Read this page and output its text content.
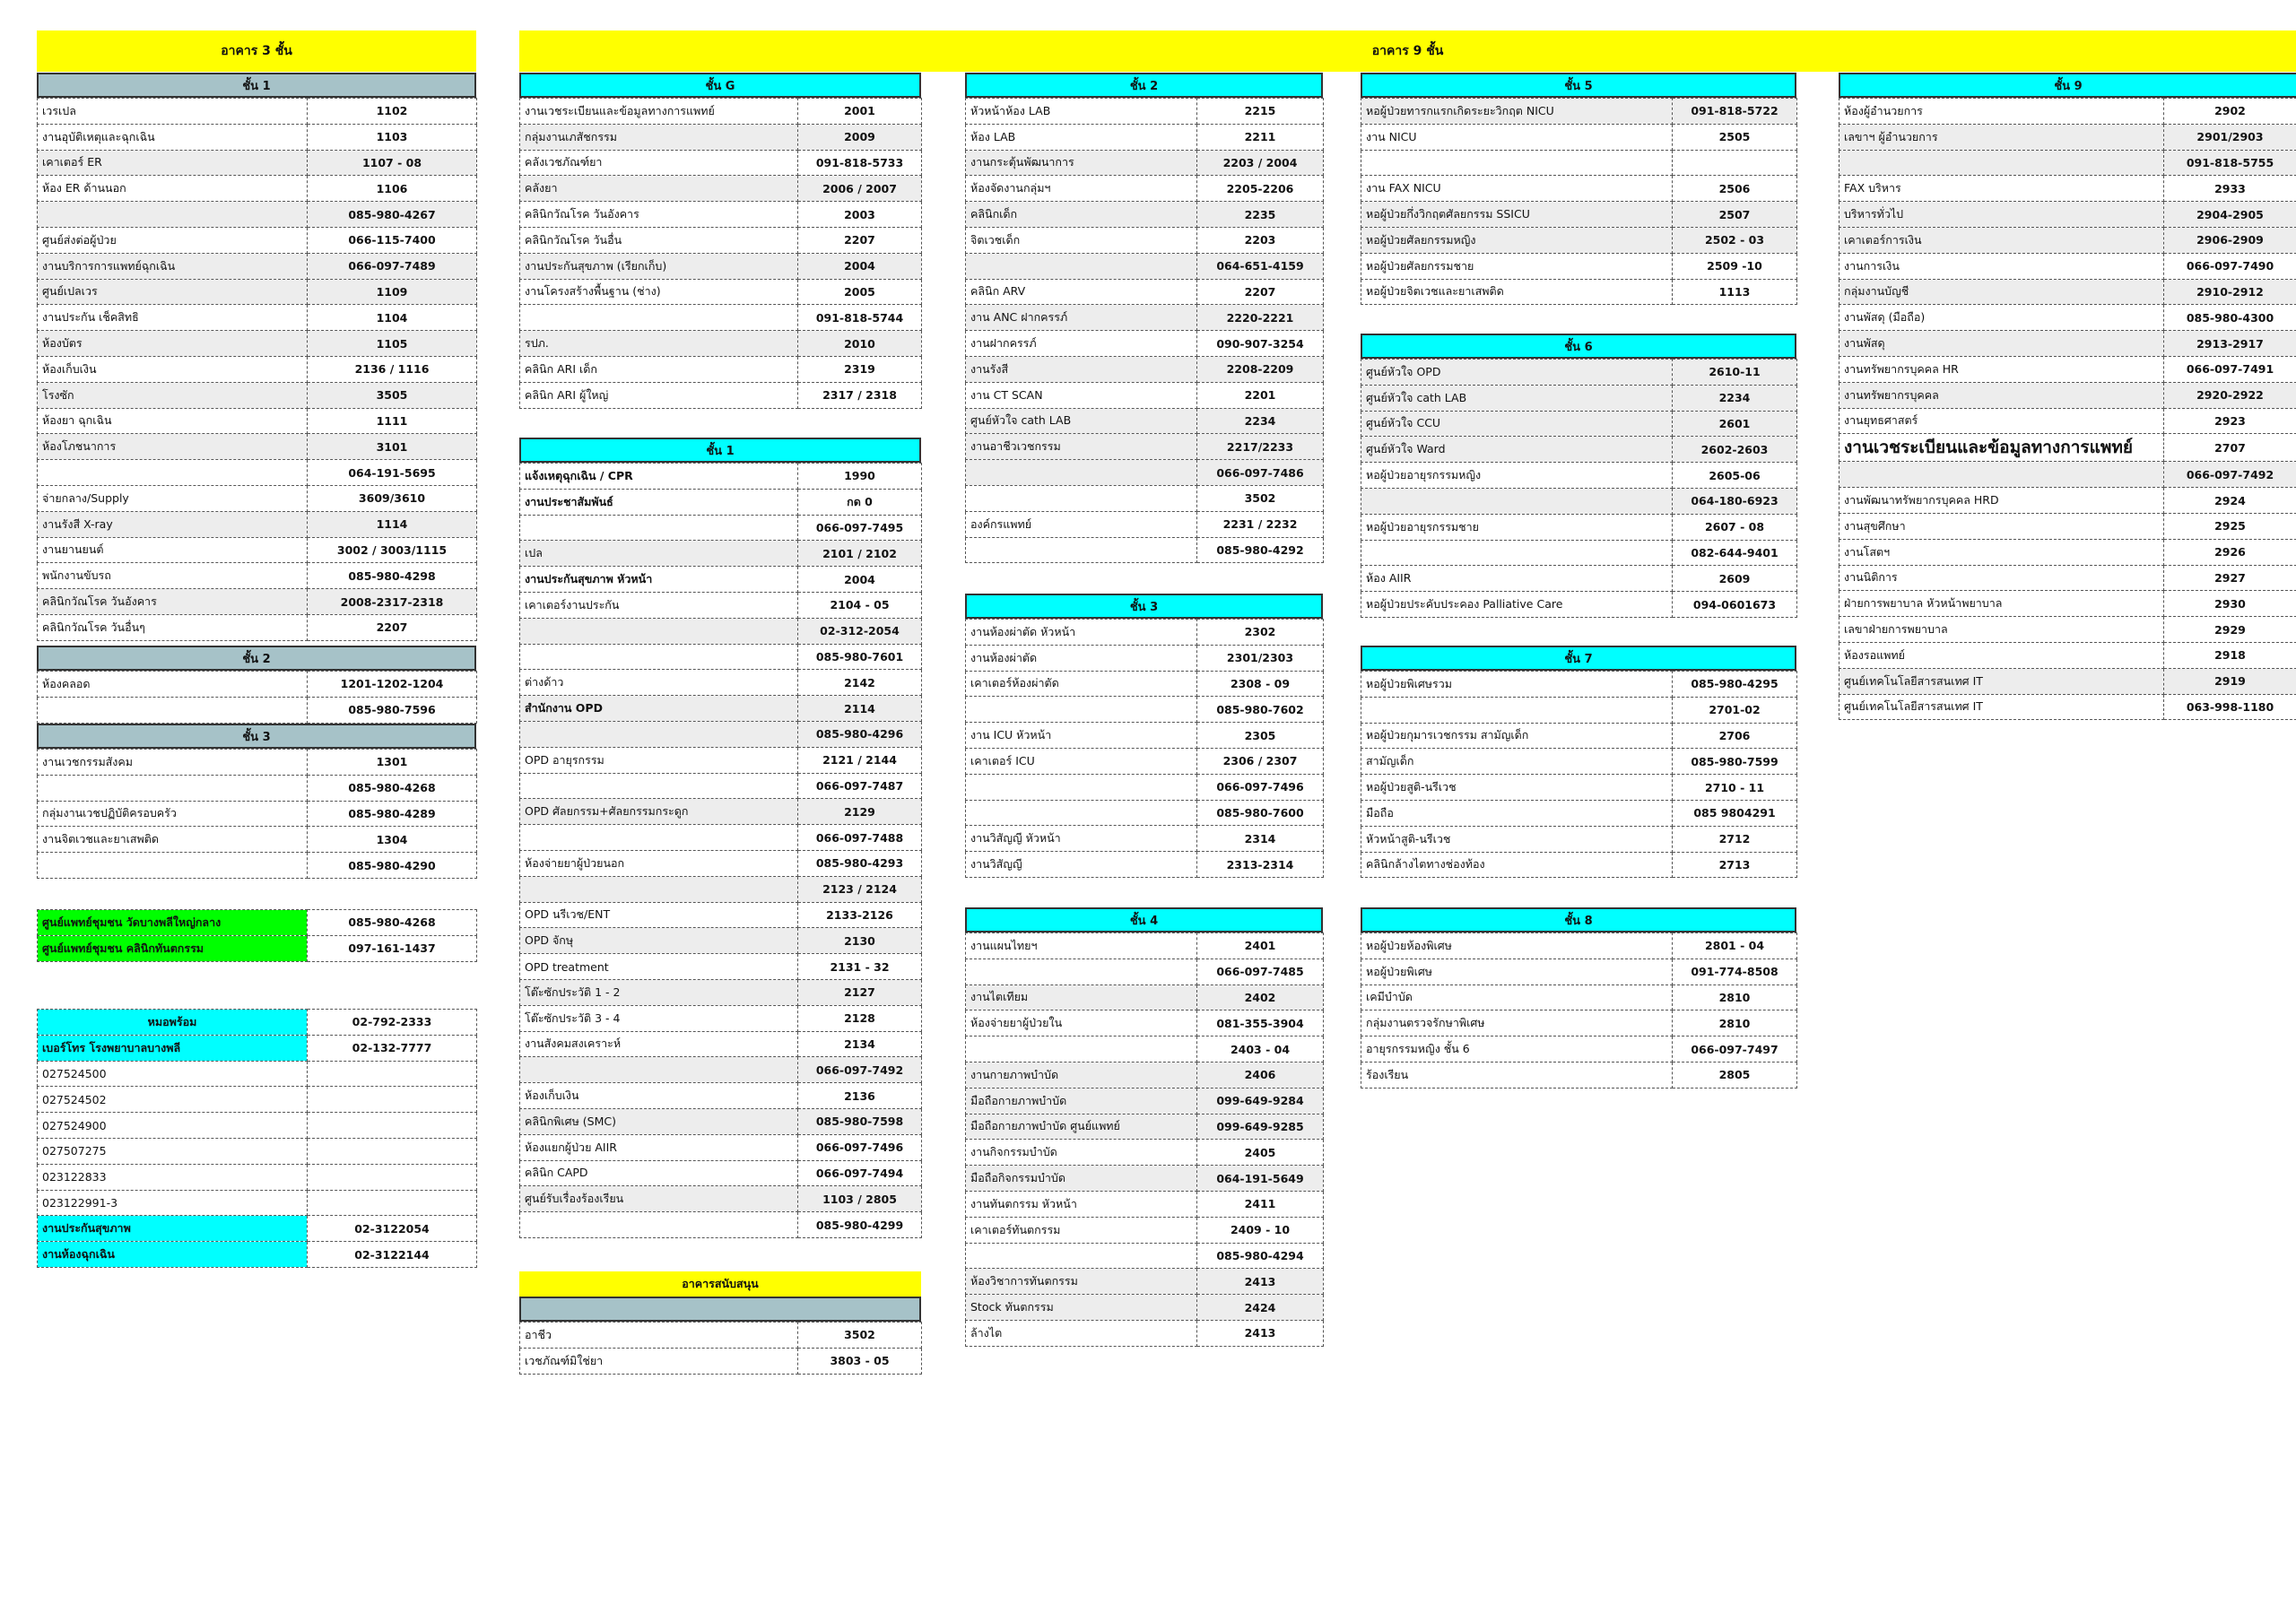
อาคาร 3 ชั้น	อาคาร 9 ชั้น
ชั้น 1
เวรเปล	1102
งานอุบัติเหตุและฉุกเฉิน	1103
เคาเตอร์ ER	1107 - 08
ห้อง ER ด้านนอก	1106
	085-980-4267
ศูนย์ส่งต่อผู้ป่วย	066-115-7400
งานบริการการแพทย์ฉุกเฉิน	066-097-7489
ศูนย์เปลเวร	1109
งานประกัน เช็คสิทธิ	1104
ห้องบัตร	1105
ห้องเก็บเงิน	2136 / 1116
โรงซัก	3505
ห้องยา ฉุกเฉิน	1111
ห้องโภชนาการ	3101
	064-191-5695
จ่ายกลาง/Supply	3609/3610
งานรังสี X-ray	1114
งานยานยนต์	3002 / 3003/1115
พนักงานขับรถ	085-980-4298
คลินิกวัณโรค วันอังคาร	2008-2317-2318
คลินิกวัณโรค วันอื่นๆ	2207
ชั้น 2
ห้องคลอด	1201-1202-1204
	085-980-7596
ชั้น 3
งานเวชกรรมสังคม	1301
	085-980-4268
กลุ่มงานเวชปฏิบัติครอบครัว	085-980-4289
งานจิตเวชและยาเสพติด	1304
	085-980-4290
ศูนย์แพทย์ชุมชน วัดบางพลีใหญ่กลาง	085-980-4268
ศูนย์แพทย์ชุมชน คลินิกทันตกรรม	097-161-1437
หมอพร้อม	02-792-2333
เบอร์โทร โรงพยาบาลบางพลี	02-132-7777
027524500	
027524502	
027524900	
027507275	
023122833	
023122991-3	
งานประกันสุขภาพ	02-3122054
งานห้องฉุกเฉิน	02-3122144
ชั้น G
งานเวชระเบียนและข้อมูลทางการแพทย์	2001
กลุ่มงานเภสัชกรรม	2009
คลังเวชภัณฑ์ยา	091-818-5733
คลังยา	2006 / 2007
คลินิกวัณโรค วันอังคาร	2003
คลินิกวัณโรค วันอื่น	2207
งานประกันสุขภาพ (เรียกเก็บ)	2004
งานโครงสร้างพื้นฐาน (ช่าง)	2005
	091-818-5744
รปภ.	2010
คลินิก ARI เด็ก	2319
คลินิก ARI ผู้ใหญ่	2317 / 2318
ชั้น 1
แจ้งเหตุฉุกเฉิน / CPR	1990
งานประชาสัมพันธ์	กด 0
	066-097-7495
เปล	2101 / 2102
งานประกันสุขภาพ หัวหน้า	2004
เคาเตอร์งานประกัน	2104 - 05
	02-312-2054
	085-980-7601
ต่างด้าว	2142
สำนักงาน OPD	2114
	085-980-4296
OPD อายุรกรรม	2121 / 2144
	066-097-7487
OPD ศัลยกรรม+ศัลยกรรมกระดูก	2129
	066-097-7488
ห้องจ่ายยาผู้ป่วยนอก	085-980-4293
	2123 / 2124
OPD นรีเวช/ENT	2133-2126
OPD จักษุ	2130
OPD treatment	2131 - 32
โต๊ะซักประวัติ 1 - 2	2127
โต๊ะซักประวัติ 3 - 4	2128
งานสังคมสงเคราะห์	2134
	066-097-7492
ห้องเก็บเงิน	2136
คลินิกพิเศษ (SMC)	085-980-7598
ห้องแยกผู้ป่วย AIIR	066-097-7496
คลินิก CAPD	066-097-7494
ศูนย์รับเรื่องร้องเรียน	1103 / 2805
	085-980-4299
อาคารสนับสนุน
อาชีว	3502
เวชภัณฑ์มิใช่ยา	3803 - 05
ชั้น 2
หัวหน้าห้อง LAB	2215
ห้อง LAB	2211
งานกระตุ้นพัฒนาการ	2203 / 2004
ห้องจัดงานกลุ่มฯ	2205-2206
คลินิกเด็ก	2235
จิตเวชเด็ก	2203
	064-651-4159
คลินิก ARV	2207
งาน ANC ฝากครรภ์	2220-2221
งานฝากครรภ์	090-907-3254
งานรังสี	2208-2209
งาน CT SCAN	2201
ศูนย์หัวใจ cath LAB	2234
งานอาชีวเวชกรรม	2217/2233
	066-097-7486
	3502
องค์กรแพทย์	2231 / 2232
	085-980-4292
ชั้น 3
งานห้องผ่าตัด หัวหน้า	2302
งานห้องผ่าตัด	2301/2303
เคาเตอร์ห้องผ่าตัด	2308 - 09
	085-980-7602
งาน ICU หัวหน้า	2305
เคาเตอร์ ICU	2306 / 2307
	066-097-7496
	085-980-7600
งานวิสัญญี หัวหน้า	2314
งานวิสัญญี	2313-2314
ชั้น 4
งานแผนไทยฯ	2401
	066-097-7485
งานไตเทียม	2402
ห้องจ่ายยาผู้ป่วยใน	081-355-3904
	2403 - 04
งานกายภาพบำบัด	2406
มือถือกายภาพบำบัด	099-649-9284
มือถือกายภาพบำบัด ศูนย์แพทย์	099-649-9285
งานกิจกรรมบำบัด	2405
มือถือกิจกรรมบำบัด	064-191-5649
งานทันตกรรม หัวหน้า	2411
เคาเตอร์ทันตกรรม	2409 - 10
	085-980-4294
ห้องวิชาการทันตกรรม	2413
Stock ทันตกรรม	2424
ล้างไต	2413
ชั้น 5
หอผู้ป่วยทารกแรกเกิดระยะวิกฤต NICU	091-818-5722
งาน NICU	2505

งาน FAX NICU	2506
หอผู้ป่วยกึ่งวิกฤตศัลยกรรม SSICU	2507
หอผู้ป่วยศัลยกรรมหญิง	2502 - 03
หอผู้ป่วยศัลยกรรมชาย	2509 -10
หอผู้ป่วยจิตเวชและยาเสพติด	1113
ชั้น 6
ศูนย์หัวใจ OPD	2610-11
ศูนย์หัวใจ cath LAB	2234
ศูนย์หัวใจ CCU	2601
ศูนย์หัวใจ Ward	2602-2603
หอผู้ป่วยอายุรกรรมหญิง	2605-06
	064-180-6923
หอผู้ป่วยอายุรกรรมชาย	2607 - 08
	082-644-9401
ห้อง AIIR	2609
หอผู้ป่วยประคับประคอง Palliative Care	094-0601673
ชั้น 7
หอผู้ป่วยพิเศษรวม	085-980-4295
	2701-02
หอผู้ป่วยกุมารเวชกรรม สามัญเด็ก	2706
สามัญเด็ก	085-980-7599
หอผู้ป่วยสูติ-นรีเวช	2710 - 11
มือถือ	085 9804291
หัวหน้าสูติ-นรีเวช	2712
คลินิกล้างไตทางช่องท้อง	2713
ชั้น 8
หอผู้ป่วยห้องพิเศษ	2801 - 04
หอผู้ป่วยพิเศษ	091-774-8508
เคมีบำบัด	2810
กลุ่มงานตรวจรักษาพิเศษ	2810
อายุรกรรมหญิง ชั้น 6	066-097-7497
ร้องเรียน	2805
ชั้น 9
ห้องผู้อำนวยการ	2902
เลขาฯ ผู้อำนวยการ	2901/2903
	091-818-5755
FAX บริหาร	2933
บริหารทั่วไป	2904-2905
เคาเตอร์การเงิน	2906-2909
งานการเงิน	066-097-7490
กลุ่มงานบัญชี	2910-2912
งานพัสดุ (มือถือ)	085-980-4300
งานพัสดุ	2913-2917
งานทรัพยากรบุคคล HR	066-097-7491
งานทรัพยากรบุคคล	2920-2922
งานยุทธศาสตร์	2923
งานเวชระเบียนและข้อมูลทางการแพทย์	2707
	066-097-7492
งานพัฒนาทรัพยากรบุคคล HRD	2924
งานสุขศึกษา	2925
งานโสตฯ	2926
งานนิติการ	2927
ฝ่ายการพยาบาล หัวหน้าพยาบาล	2930
เลขาฝ่ายการพยาบาล	2929
ห้องรอแพทย์	2918
ศูนย์เทคโนโลยีสารสนเทศ IT	2919
ศูนย์เทคโนโลยีสารสนเทศ IT	063-998-1180
